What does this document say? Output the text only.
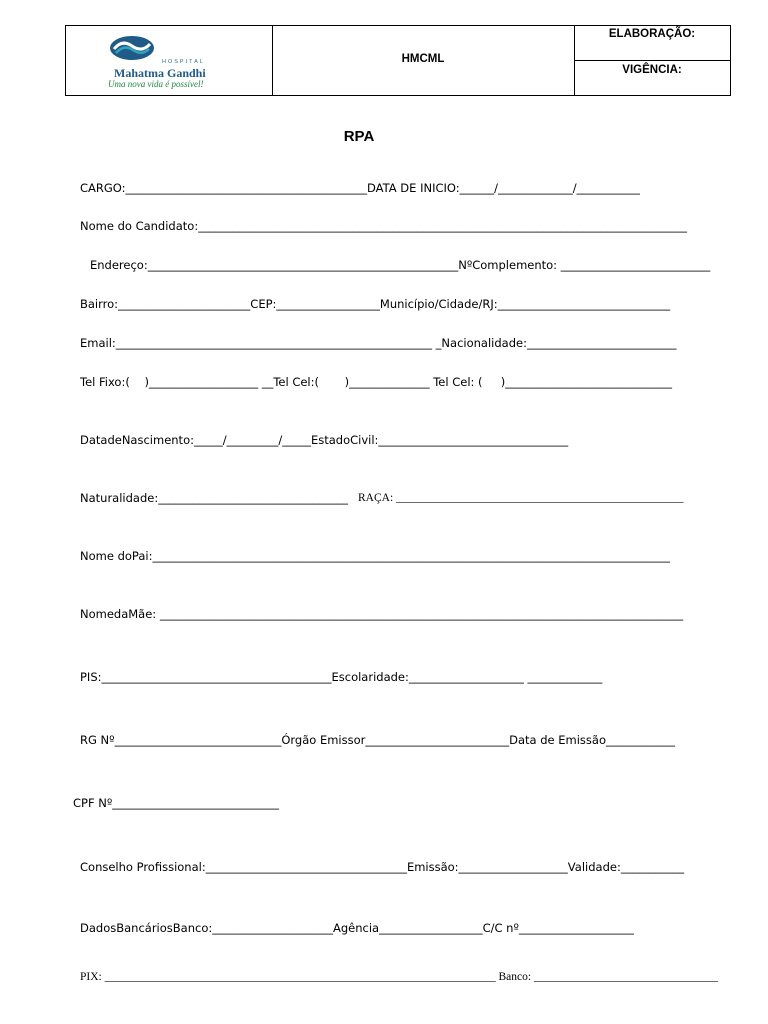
HOSPITAL
Mahatma Gandhi
Uma nova vida é possível!
HMCML
ELABORAÇÃO:
VIGÊNCIA:
RPA
CARGO:__________________________________________DATA DE INICIO:______/_____________/___________
Nome do Candidato:_____________________________________________________________________________________
Endereço:______________________________________________________NºComplemento: __________________________
Bairro:_______________________CEP:__________________Município/Cidade/RJ:______________________________
Email:_______________________________________________________ _Nacionalidade:__________________________
Tel Fixo:(    )___________________ __Tel Cel:(       )______________ Tel Cel: (     )_____________________________
DatadeNascimento:_____/_________/_____EstadoCivil:_________________________________
Naturalidade:_________________________________ RAÇA: __________________________________________________
Nome doPai:__________________________________________________________________________________________
NomedaMãe: ___________________________________________________________________________________________
PIS:________________________________________Escolaridade:____________________ _____________
RG Nº_____________________________Órgão Emissor_________________________Data de Emissão____________
CPF Nº_____________________________
Conselho Profissional:___________________________________Emissão:___________________Validade:___________
DadosBancáriosBanco:_____________________Agência__________________C/C nº____________________
PIX: ____________________________________________________________________ Banco: ________________________________
